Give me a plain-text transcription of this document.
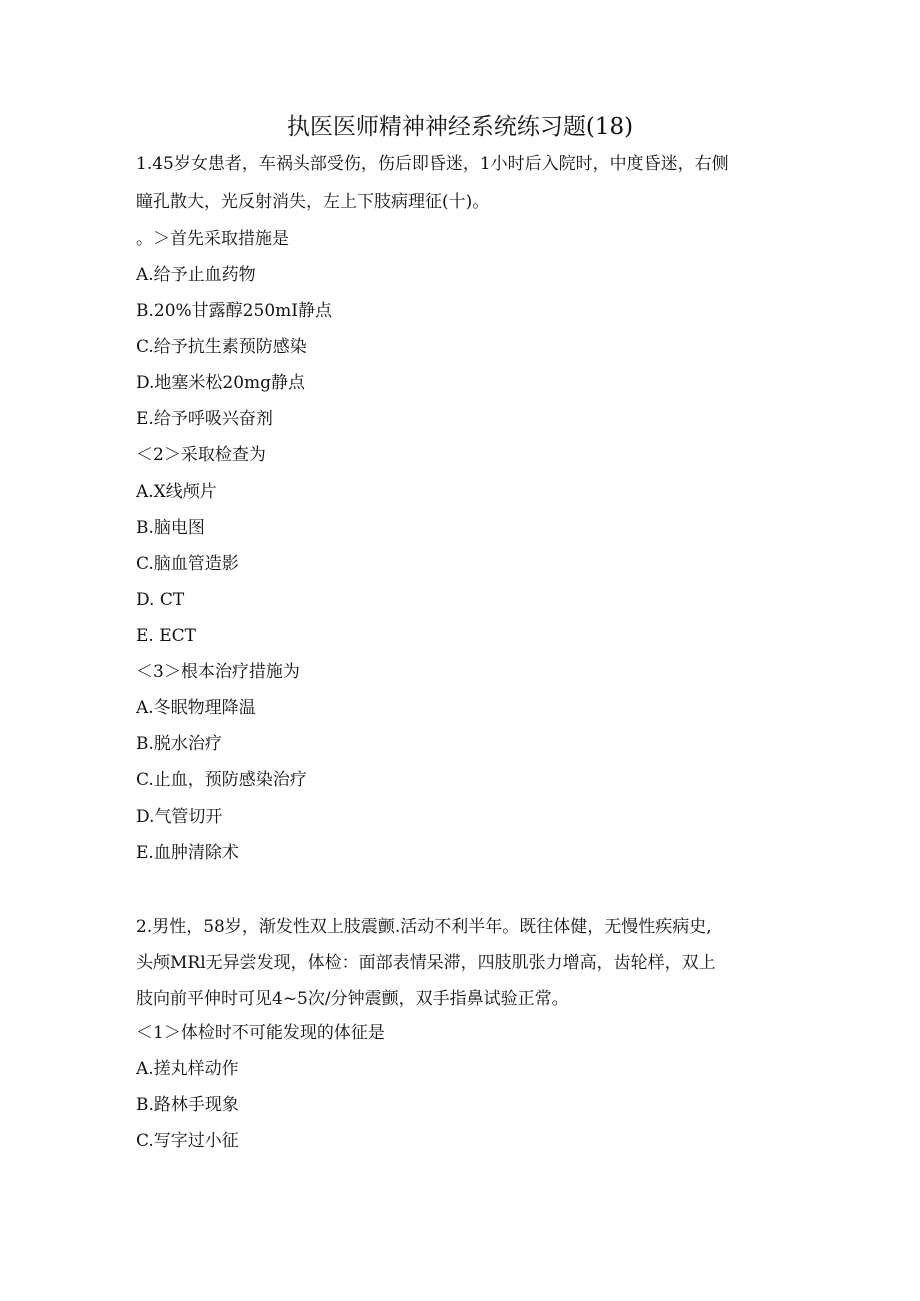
执医医师精神神经系统练习题(18)
1.45岁女患者，车祸头部受伤，伤后即昏迷，1小时后入院时，中度昏迷，右侧
瞳孔散大，光反射消失，左上下肢病理征(十)。
。＞首先采取措施是
A.给予止血药物
B.20%甘露醇250mI静点
C.给予抗生素预防感染
D.地塞米松20mg静点
E.给予呼吸兴奋剂
＜2＞采取检查为
A.X线颅片
B.脑电图
C.脑血管造影
D. CT
E. ECT
＜3＞根本治疗措施为
A.冬眠物理降温
B.脱水治疗
C.止血，预防感染治疗
D.气管切开
E.血肿清除术
2.男性，58岁，渐发性双上肢震颤.活动不利半年。既往体健，无慢性疾病史,
头颅MRl无异尝发现，体检：面部表情呆滞，四肢肌张力增高，齿轮样，双上
肢向前平伸时可见4~5次/分钟震颤，双手指鼻试验正常。
＜1＞体检时不可能发现的体征是
A.搓丸样动作
B.路林手现象
C.写字过小征
